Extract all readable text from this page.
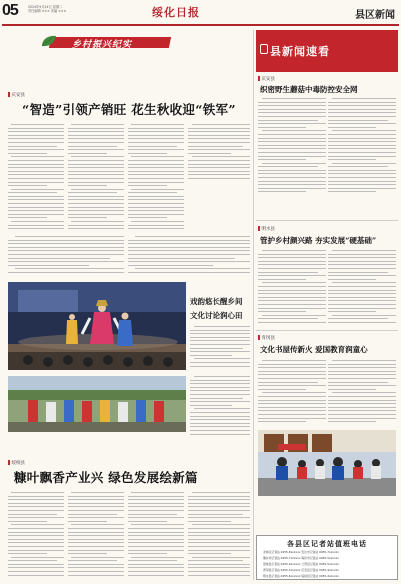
05	2024年9月24日 星期二
责任编辑 ××× 美编 ×××	绥化日报	县区新闻
乡村振兴纪实
庆安县
“智造”引领产销旺 花生秋收迎“铁军”
戏韵悠长醒乡间
文化讨论润心田
绥棱县
糠叶飘香产业兴 绿色发展绘新篇
县新闻速看
庆安县
织密野生蘑菇中毒防控安全网
明水县
管护乡村颜兴路 夯实发展“硬基础”
青冈县
文化书屋传新火 爱国教育润童心
各县区记者站值班电话
北林区记者站 0455-8xxxxxx 安达市记者站 0455-7xxxxxx
肇东市记者站 0455-7xxxxxx 海伦市记者站 0455-5xxxxxx
望奎县记者站 0455-6xxxxxx 兰西县记者站 0455-5xxxxxx
青冈县记者站 0455-3xxxxxx 庆安县记者站 0455-4xxxxxx
明水县记者站 0455-6xxxxxx 绥棱县记者站 0455-4xxxxxx
